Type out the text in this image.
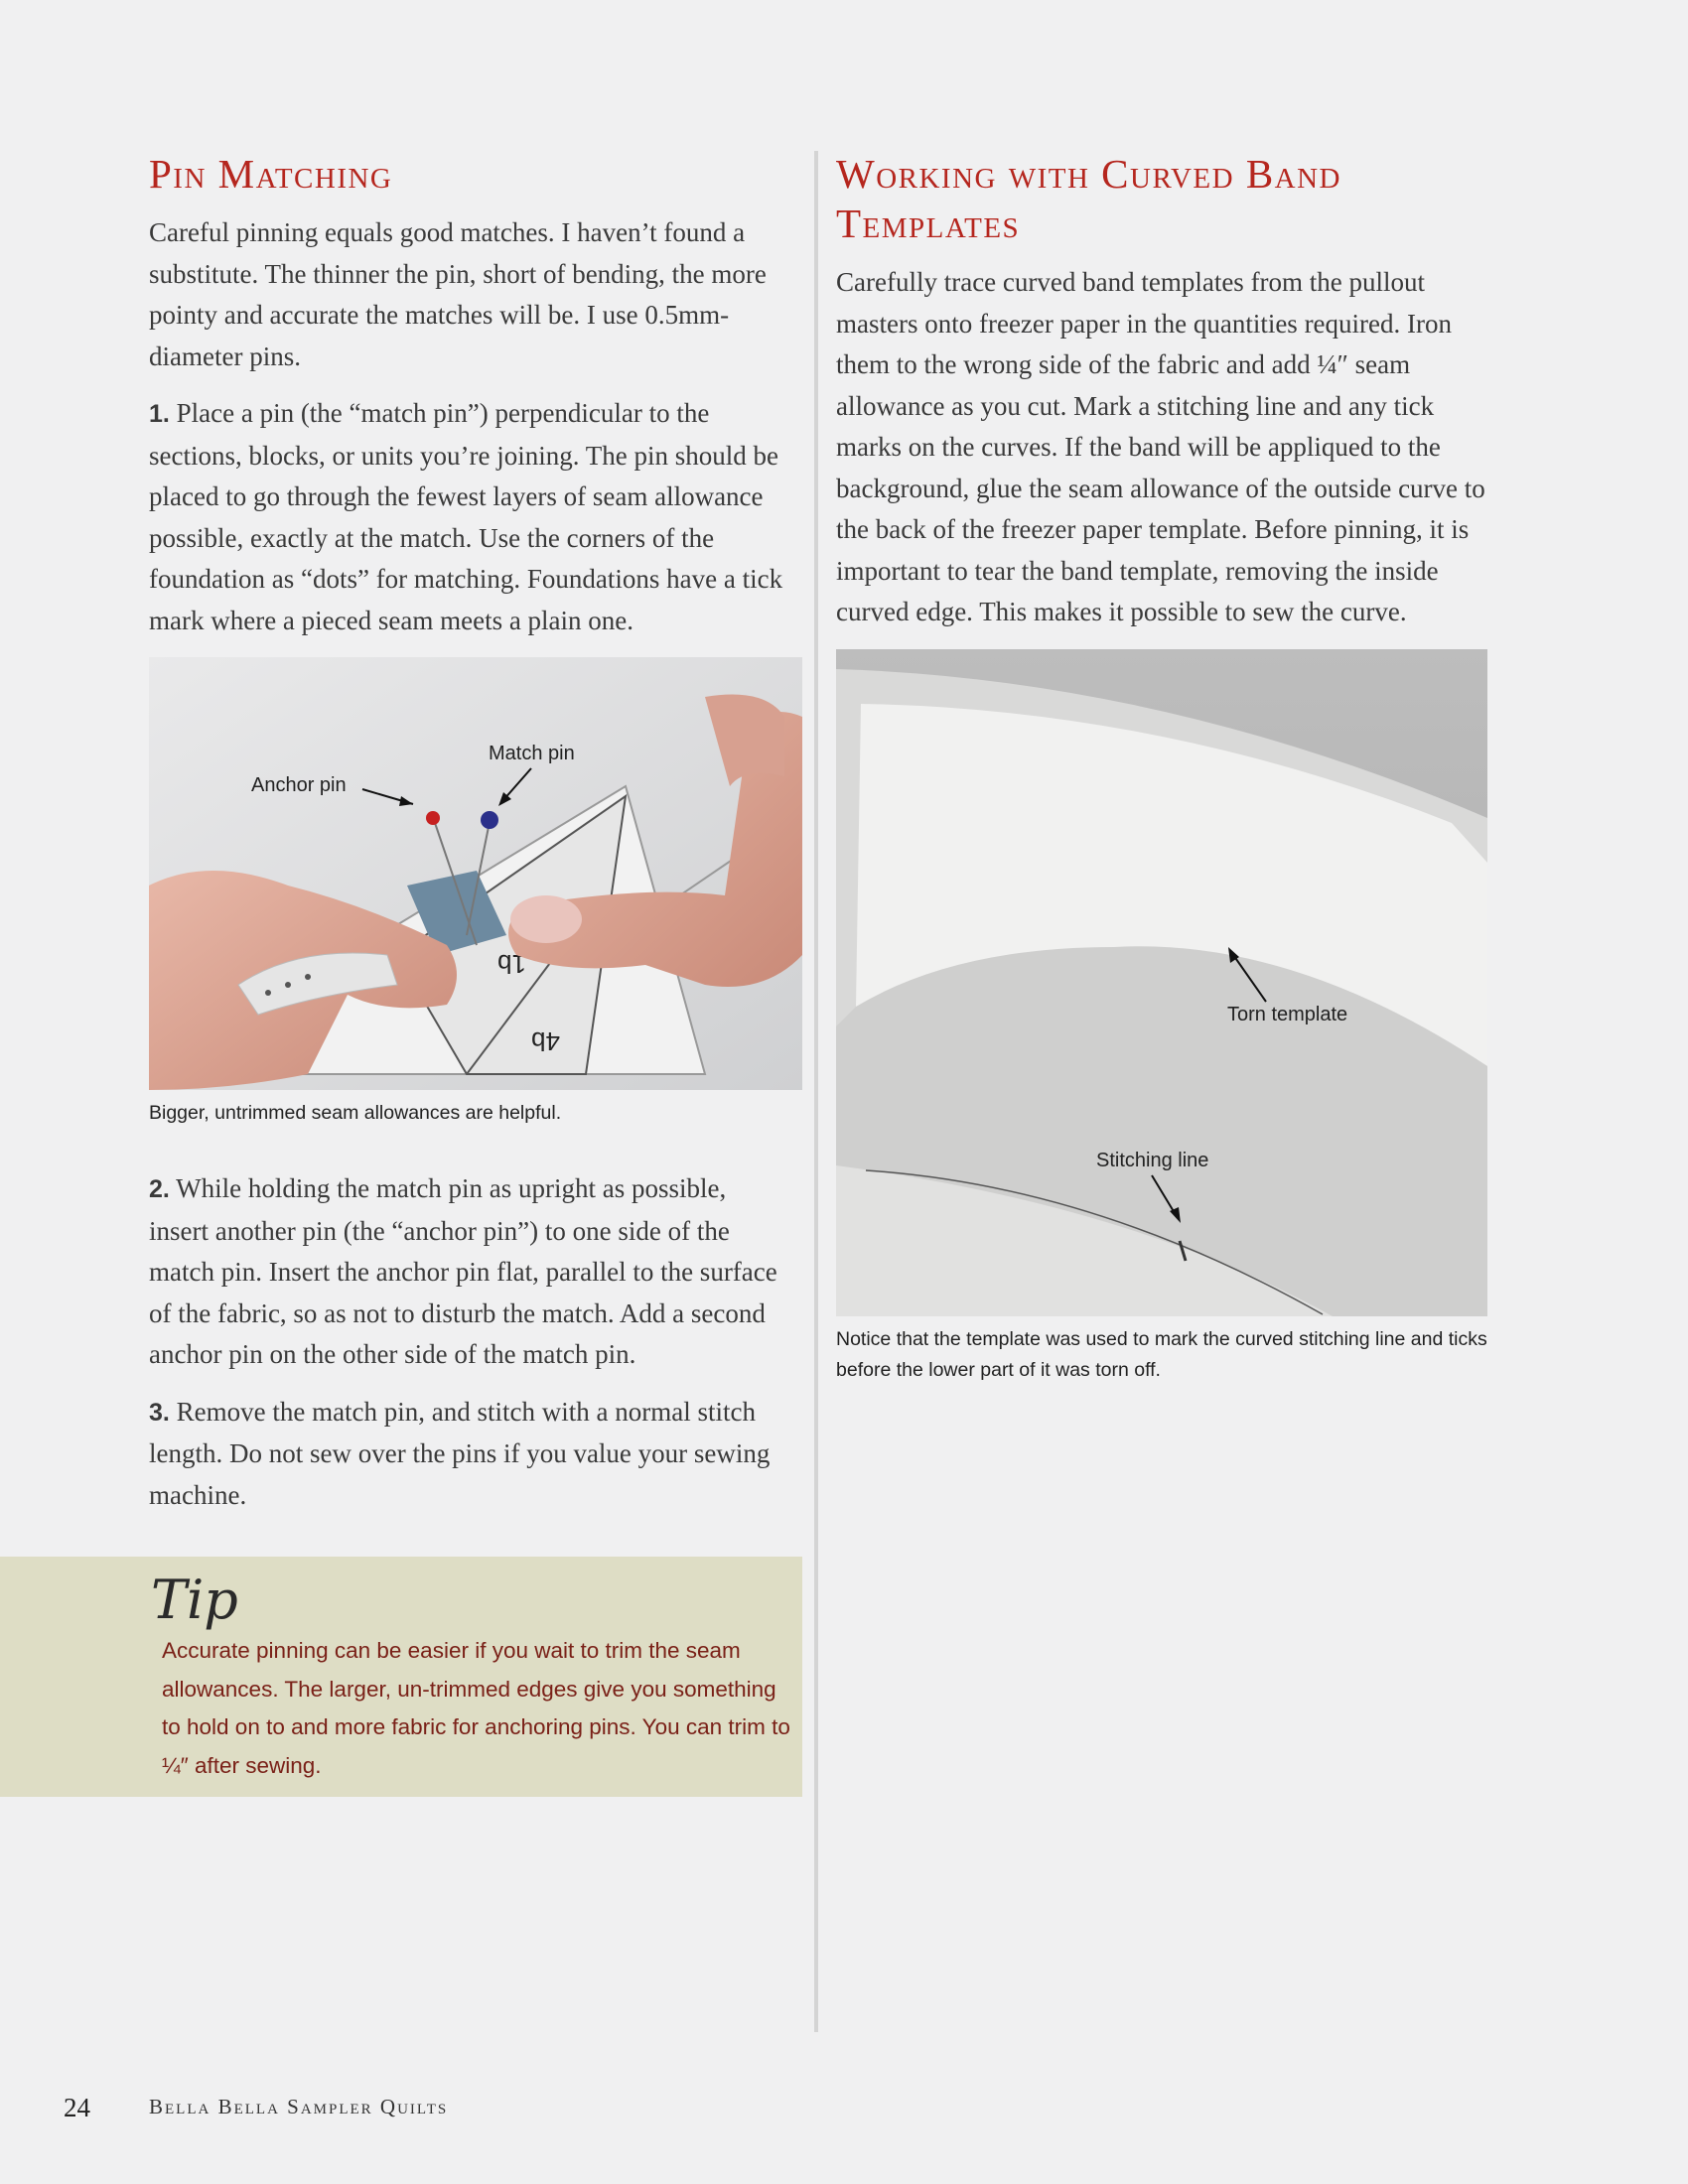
Pin Matching

Careful pinning equals good matches. I haven’t found a substitute. The thinner the pin, short of bending, the more pointy and accurate the matches will be. I use 0.5mm-diameter pins.

1. Place a pin (the “match pin”) perpendicular to the sections, blocks, or units you’re joining. The pin should be placed to go through the fewest layers of seam allowance possible, exactly at the match. Use the corners of the foundation as “dots” for matching. Foundations have a tick mark where a pieced seam meets a plain one.

1b
4b
Anchor pin
Match pin
Bigger, untrimmed seam allowances are helpful.

2. While holding the match pin as upright as possible, insert another pin (the “anchor pin”) to one side of the match pin. Insert the anchor pin flat, parallel to the surface of the fabric, so as not to disturb the match. Add a second anchor pin on the other side of the match pin.

3. Remove the match pin, and stitch with a normal stitch length. Do not sew over the pins if you value your sewing machine.

Working with Curved Band Templates

Carefully trace curved band templates from the pullout masters onto freezer paper in the quantities required. Iron them to the wrong side of the fabric and add ¼″ seam allowance as you cut. Mark a stitching line and any tick marks on the curves. If the band will be appliqued to the background, glue the seam allowance of the outside curve to the back of the freezer paper template. Before pinning, it is important to tear the band template, removing the inside curved edge. This makes it possible to sew the curve.

Torn template
Stitching line
Notice that the template was used to mark the curved stitching line and ticks before the lower part of it was torn off.
Tip
Accurate pinning can be easier if you wait to trim the seam allowances. The larger, un-trimmed edges give you something to hold on to and more fabric for anchoring pins. You can trim to ¼″ after sewing.
24	Bella Bella Sampler Quilts
